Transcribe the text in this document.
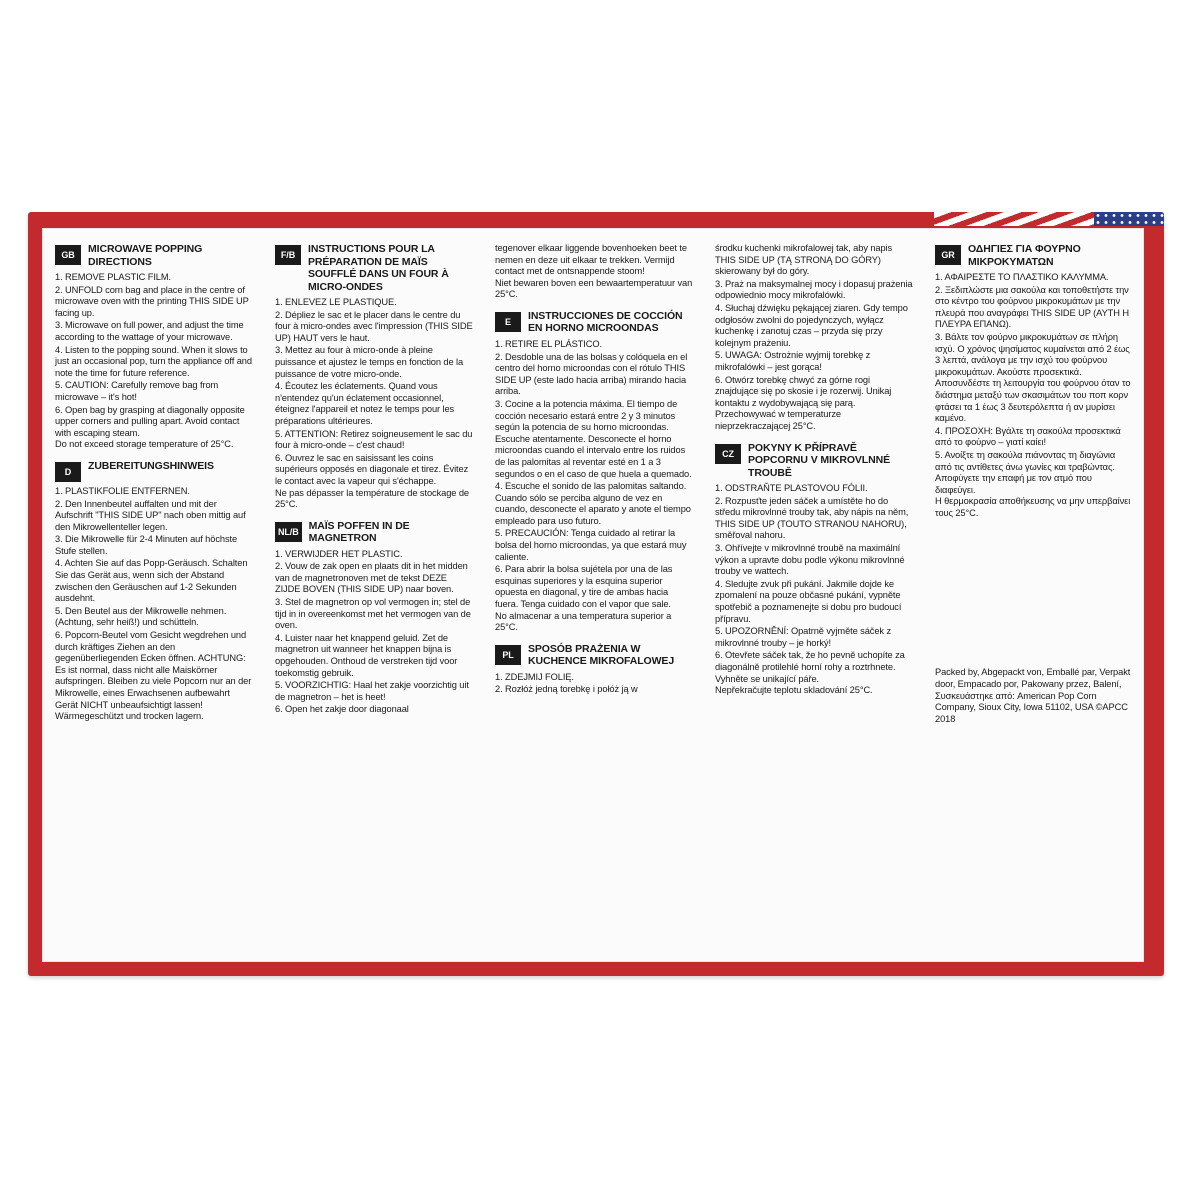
GB	MICROWAVE POPPING DIRECTIONS
1. REMOVE PLASTIC FILM.
2. UNFOLD corn bag and place in the centre of microwave oven with the printing THIS SIDE UP facing up.
3. Microwave on full power, and adjust the time according to the wattage of your microwave.
4. Listen to the popping sound. When it slows to just an occasional pop, turn the appliance off and note the time for future reference.
5. CAUTION: Carefully remove bag from microwave – it's hot!
6. Open bag by grasping at diagonally opposite upper corners and pulling apart. Avoid contact with escaping steam.
Do not exceed storage temperature of 25°C.
D	ZUBEREITUNGSHINWEIS
1. PLASTIKFOLIE ENTFERNEN.
2. Den Innenbeutel auffalten und mit der Aufschrift "THIS SIDE UP" nach oben mittig auf den Mikrowellenteller legen.
3. Die Mikrowelle für 2-4 Minuten auf höchste Stufe stellen.
4. Achten Sie auf das Popp-Geräusch. Schalten Sie das Gerät aus, wenn sich der Abstand zwischen den Geräuschen auf 1-2 Sekunden ausdehnt.
5. Den Beutel aus der Mikrowelle nehmen. (Achtung, sehr heiß!) und schütteln.
6. Popcorn-Beutel vom Gesicht wegdrehen und durch kräftiges Ziehen an den gegenüberliegenden Ecken öffnen. ACHTUNG: Es ist normal, dass nicht alle Maiskörner aufspringen. Bleiben zu viele Popcorn nur an der Mikrowelle, eines Erwachsenen aufbewahrt Gerät NICHT unbeaufsichtigt lassen!
Wärmegeschützt und trocken lagern.
F/B	INSTRUCTIONS POUR LA PRÉPARATION DE MAÏS SOUFFLÉ DANS UN FOUR À MICRO-ONDES
1. ENLEVEZ LE PLASTIQUE.
2. Dépliez le sac et le placer dans le centre du four à micro-ondes avec l'impression (THIS SIDE UP) HAUT vers le haut.
3. Mettez au four à micro-onde à pleine puissance et ajustez le temps en fonction de la puissance de votre micro-onde.
4. Écoutez les éclatements. Quand vous n'entendez qu'un éclatement occasionnel, éteignez l'appareil et notez le temps pour les préparations ultérieures.
5. ATTENTION: Retirez soigneusement le sac du four à micro-onde – c'est chaud!
6. Ouvrez le sac en saisissant les coins supérieurs opposés en diagonale et tirez. Évitez le contact avec la vapeur qui s'échappe.
Ne pas dépasser la température de stockage de 25°C.
NL/B MAÏS POFFEN IN DE MAGNETRON
1. VERWIJDER HET PLASTIC.
2. Vouw de zak open en plaats dit in het midden van de magnetronoven met de tekst DEZE ZIJDE BOVEN (THIS SIDE UP) naar boven.
3. Stel de magnetron op vol vermogen in; stel de tijd in in overeenkomst met het vermogen van de oven.
4. Luister naar het knappend geluid. Zet de magnetron uit wanneer het knappen bijna is opgehouden. Onthoud de verstreken tijd voor toekomstig gebruik.
5. VOORZICHTIG: Haal het zakje voorzichtig uit de magnetron – het is heet!
6. Open het zakje door diagonaal
tegenover elkaar liggende bovenhoeken beet te nemen en deze uit elkaar te trekken. Vermijd contact met de ontsnappende stoom!
Niet bewaren boven een bewaartemperatuur van 25°C.
E	INSTRUCCIONES DE COCCIÓN EN HORNO MICROONDAS
1. RETIRE EL PLÁSTICO.
2. Desdoble una de las bolsas y colóquela en el centro del horno microondas con el rótulo THIS SIDE UP (este lado hacia arriba) mirando hacia arriba.
3. Cocine a la potencia máxima. El tiempo de cocción necesario estará entre 2 y 3 minutos según la potencia de su horno microondas. Escuche atentamente. Desconecte el horno microondas cuando el intervalo entre los ruidos de las palomitas al reventar esté en 1 a 3 segundos o en el caso de que huela a quemado.
4. Escuche el sonido de las palomitas saltando. Cuando sólo se perciba alguno de vez en cuando, desconecte el aparato y anote el tiempo empleado para uso futuro.
5. PRECAUCIÓN: Tenga cuidado al retirar la bolsa del horno microondas, ya que estará muy caliente.
6. Para abrir la bolsa sujétela por una de las esquinas superiores y la esquina superior opuesta en diagonal, y tire de ambas hacia fuera. Tenga cuidado con el vapor que sale.
No almacenar a una temperatura superior a 25°C.
PL	SPOSÓB PRAŻENIA W KUCHENCE MIKROFALOWEJ
1. ZDEJMIJ FOLIĘ.
2. Rozłóż jedną torebkę i połóż ją w
środku kuchenki mikrofalowej tak, aby napis THIS SIDE UP (TĄ STRONĄ DO GÓRY) skierowany był do góry.
3. Praż na maksymalnej mocy i dopasuj prażenia odpowiednio mocy mikrofalówki.
4. Słuchaj dźwięku pękającej ziaren. Gdy tempo odgłosów zwolni do pojedynczych, wyłącz kuchenkę i zanotuj czas – przyda się przy kolejnym prażeniu.
5. UWAGA: Ostrożnie wyjmij torebkę z mikrofalówki – jest gorąca!
6. Otwórz torebkę chwyć za górne rogi znajdujące się po skosie i je rozerwij. Unikaj kontaktu z wydobywającą się parą.
Przechowywać w temperaturze nieprzekraczającej 25°C.
CZ	POKYNY K PŘÍPRAVĚ POPCORNU V MIKROVLNNÉ TROUBĚ
1. ODSTRAŇTE PLASTOVOU FÓLII.
2. Rozpusťte jeden sáček a umístěte ho do středu mikrovlnné trouby tak, aby nápis na něm, THIS SIDE UP (TOUTO STRANOU NAHORU), směřoval nahoru.
3. Ohřívejte v mikrovlnné troubě na maximální výkon a upravte dobu podle výkonu mikrovlnné trouby ve wattech.
4. Sledujte zvuk při pukání. Jakmile dojde ke zpomalení na pouze občasné pukání, vypněte spotřebič a poznamenejte si dobu pro budoucí přípravu.
5. UPOZORNĚNÍ: Opatrně vyjměte sáček z mikrovlnné trouby – je horký!
6. Otevřete sáček tak, že ho pevně uchopíte za diagonálně protilehlé horní rohy a roztrhnete. Vyhněte se unikající páře.
Nepřekračujte teplotu skladování 25°C.
GR	ΟΔΗΓΙΕΣ ΓΙΑ ΦΟΥΡΝΟ ΜΙΚΡΟΚΥΜΑΤΩΝ
1. ΑΦΑΙΡΕΣΤΕ ΤΟ ΠΛΑΣΤΙΚΟ ΚΑΛΥΜΜΑ.
2. Ξεδιπλώστε μια σακούλα και τοποθετήστε την στο κέντρο του φούρνου μικροκυμάτων με την πλευρά που αναγράφει THIS SIDE UP (ΑΥΤΗ Η ΠΛΕΥΡΑ ΕΠΑΝΩ).
3. Βάλτε τον φούρνο μικροκυμάτων σε πλήρη ισχύ. Ο χρόνος ψησίματος κυμαίνεται από 2 έως 3 λεπτά, ανάλογα με την ισχύ του φούρνου μικροκυμάτων. Ακούστε προσεκτικά. Αποσυνδέστε τη λειτουργία του φούρνου όταν το διάστημα μεταξύ των σκασιμάτων του ποπ κορν φτάσει τα 1 έως 3 δευτερόλεπτα ή αν μυρίσει καμένο.
4. ΠΡΟΣΟΧΗ: Βγάλτε τη σακούλα προσεκτικά από το φούρνο – γιατί καίει!
5. Ανοίξτε τη σακούλα πιάνοντας τη διαγώνια από τις αντίθετες άνω γωνίες και τραβώντας. Αποφύγετε την επαφή με τον ατμό που διαφεύγει.
Η θερμοκρασία αποθήκευσης να μην υπερβαίνει τους 25°C.
Packed by, Abgepackt von, Emballé par, Verpakt door, Empacado por, Pakowany przez, Balení, Συσκευάστηκε από: American Pop Corn Company, Sioux City, Iowa 51102, USA ©APCC 2018
